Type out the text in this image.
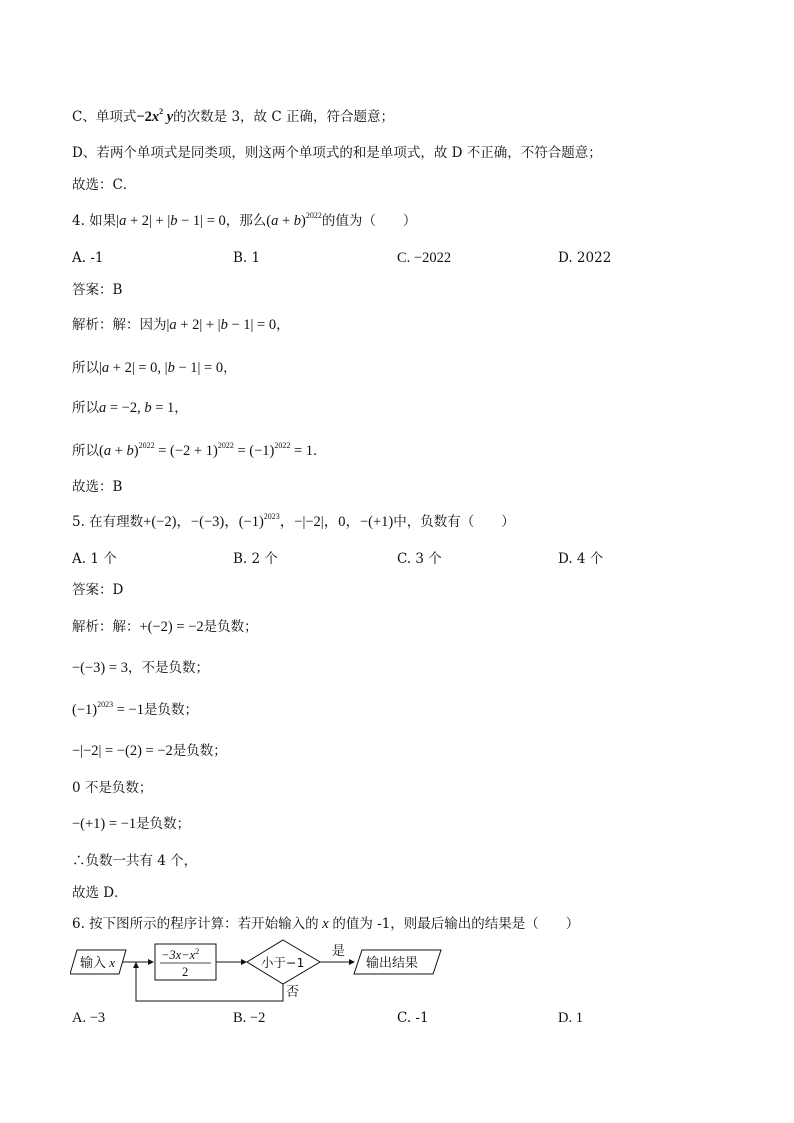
C、单项式$-2x^2$ y的次数是 3，故 C 正确，符合题意；
D、若两个单项式是同类项，则这两个单项式的和是单项式，故 D 不正确，不符合题意；
故选：C．
4. 如果|a + 2| + |b − 1| = 0，那么$(a + b)^{2022}$的值为（　　）
A. -1	B. 1	C. −2022	D. 2022
答案：B
解析：解：因为|a + 2| + |b − 1| = 0，
所以|a + 2| = 0, |b − 1| = 0，
所以a = −2, b = 1，
所以$(a + b)^{2022} = (-2 + 1)^{2022} = (-1)^{2022} = 1$．
故选：B
5. 在有理数+(−2)，−(−3)，$(-1)^{2023}$，−|−2|，0，−(+1)中，负数有（　　）
A. 1 个	B. 2 个	C. 3 个	D. 4 个
答案：D
解析：解：+(−2) = −2是负数；
−(−3) = 3，不是负数；
$(-1)^{2023} = -1$是负数；
−|−2| = −(2) = −2是负数；
0 不是负数；
−(+1) = −1是负数；
∴负数一共有 4 个，
故选 D．
6. 按下图所示的程序计算：若开始输入的 x 的值为 -1，则最后输出的结果是（　　）
输入 x	$-3x-x^2$
2
小于−1
是
输出结果
否
A. −3	B. −2	C. -1	D. 1
